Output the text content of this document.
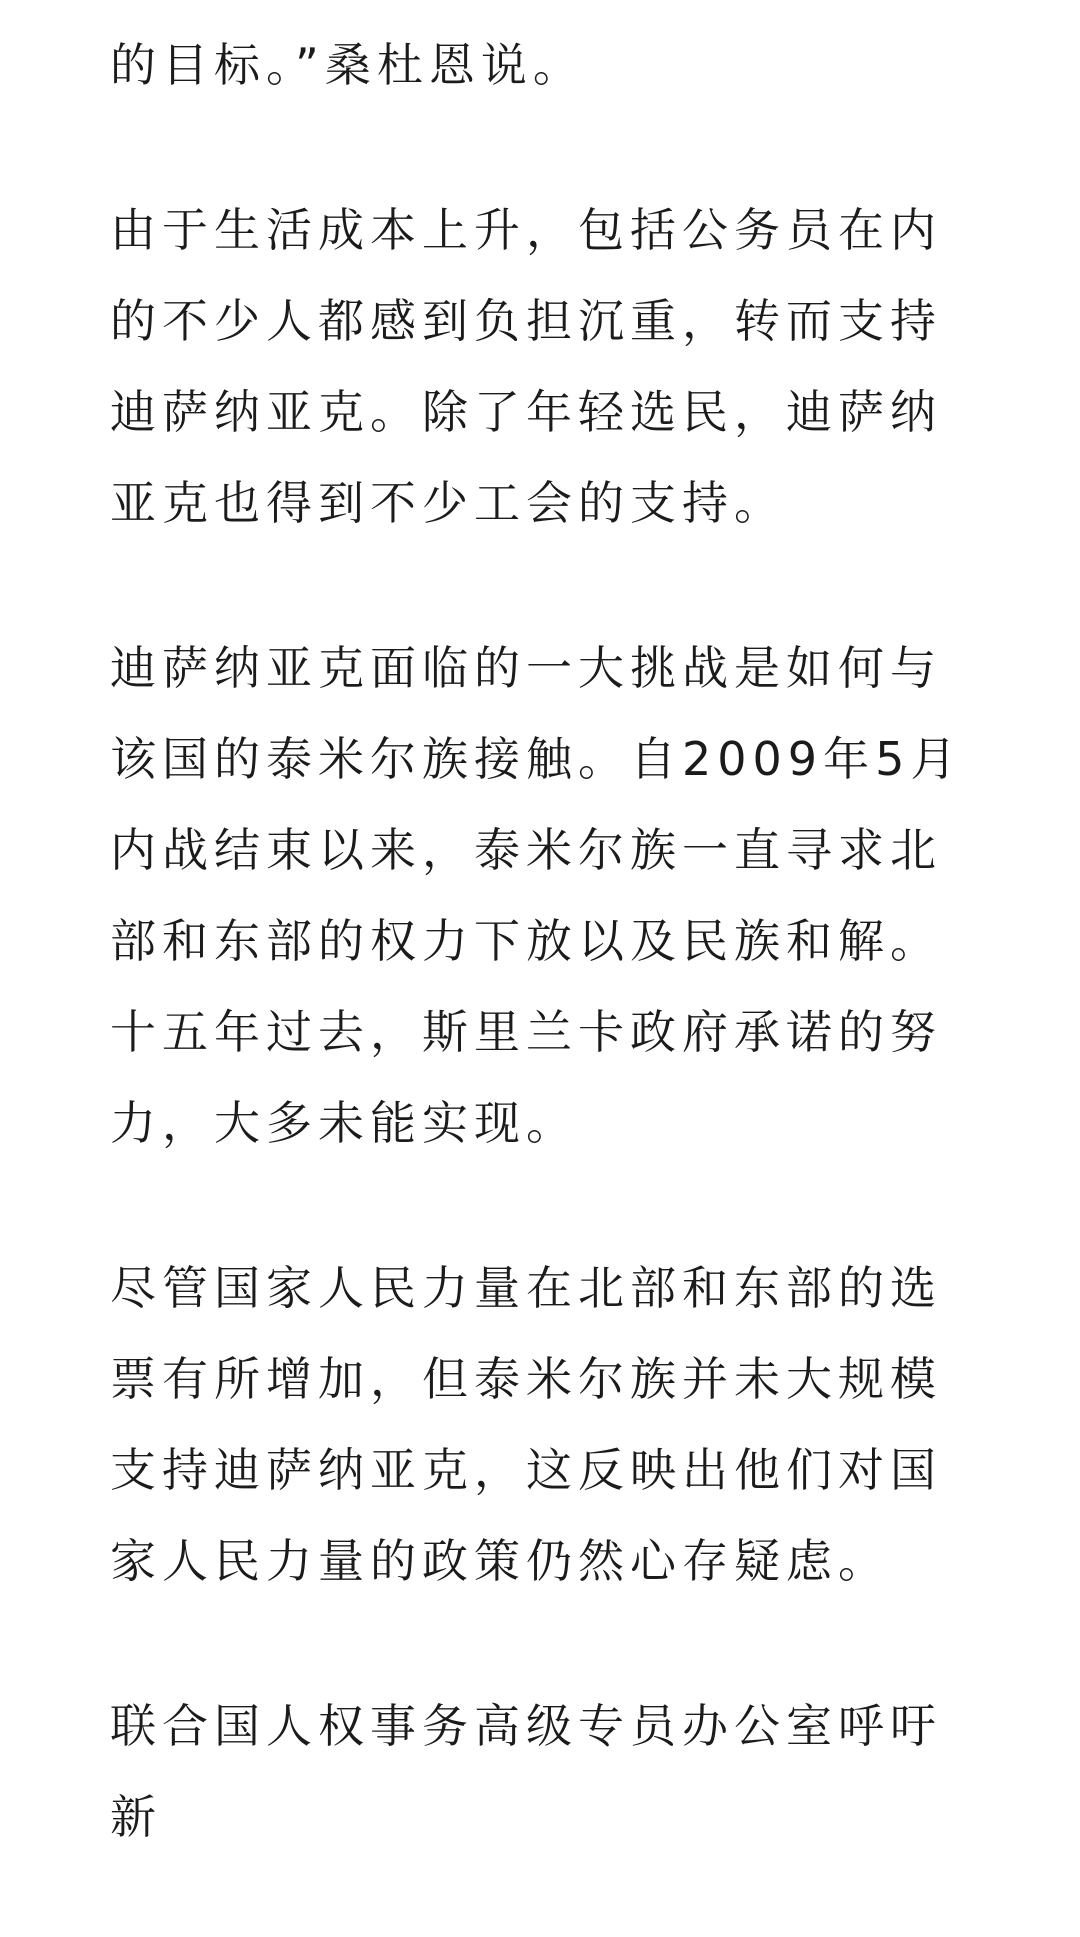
的目标。”桑杜恩说。

由于生活成本上升，包括公务员在内的不少人都感到负担沉重，转而支持迪萨纳亚克。除了年轻选民，迪萨纳亚克也得到不少工会的支持。

迪萨纳亚克面临的一大挑战是如何与该国的泰米尔族接触。自2009年5月内战结束以来，泰米尔族一直寻求北部和东部的权力下放以及民族和解。十五年过去，斯里兰卡政府承诺的努力，大多未能实现。

尽管国家人民力量在北部和东部的选票有所增加，但泰米尔族并未大规模支持迪萨纳亚克，这反映出他们对国家人民力量的政策仍然心存疑虑。

联合国人权事务高级专员办公室呼吁新
